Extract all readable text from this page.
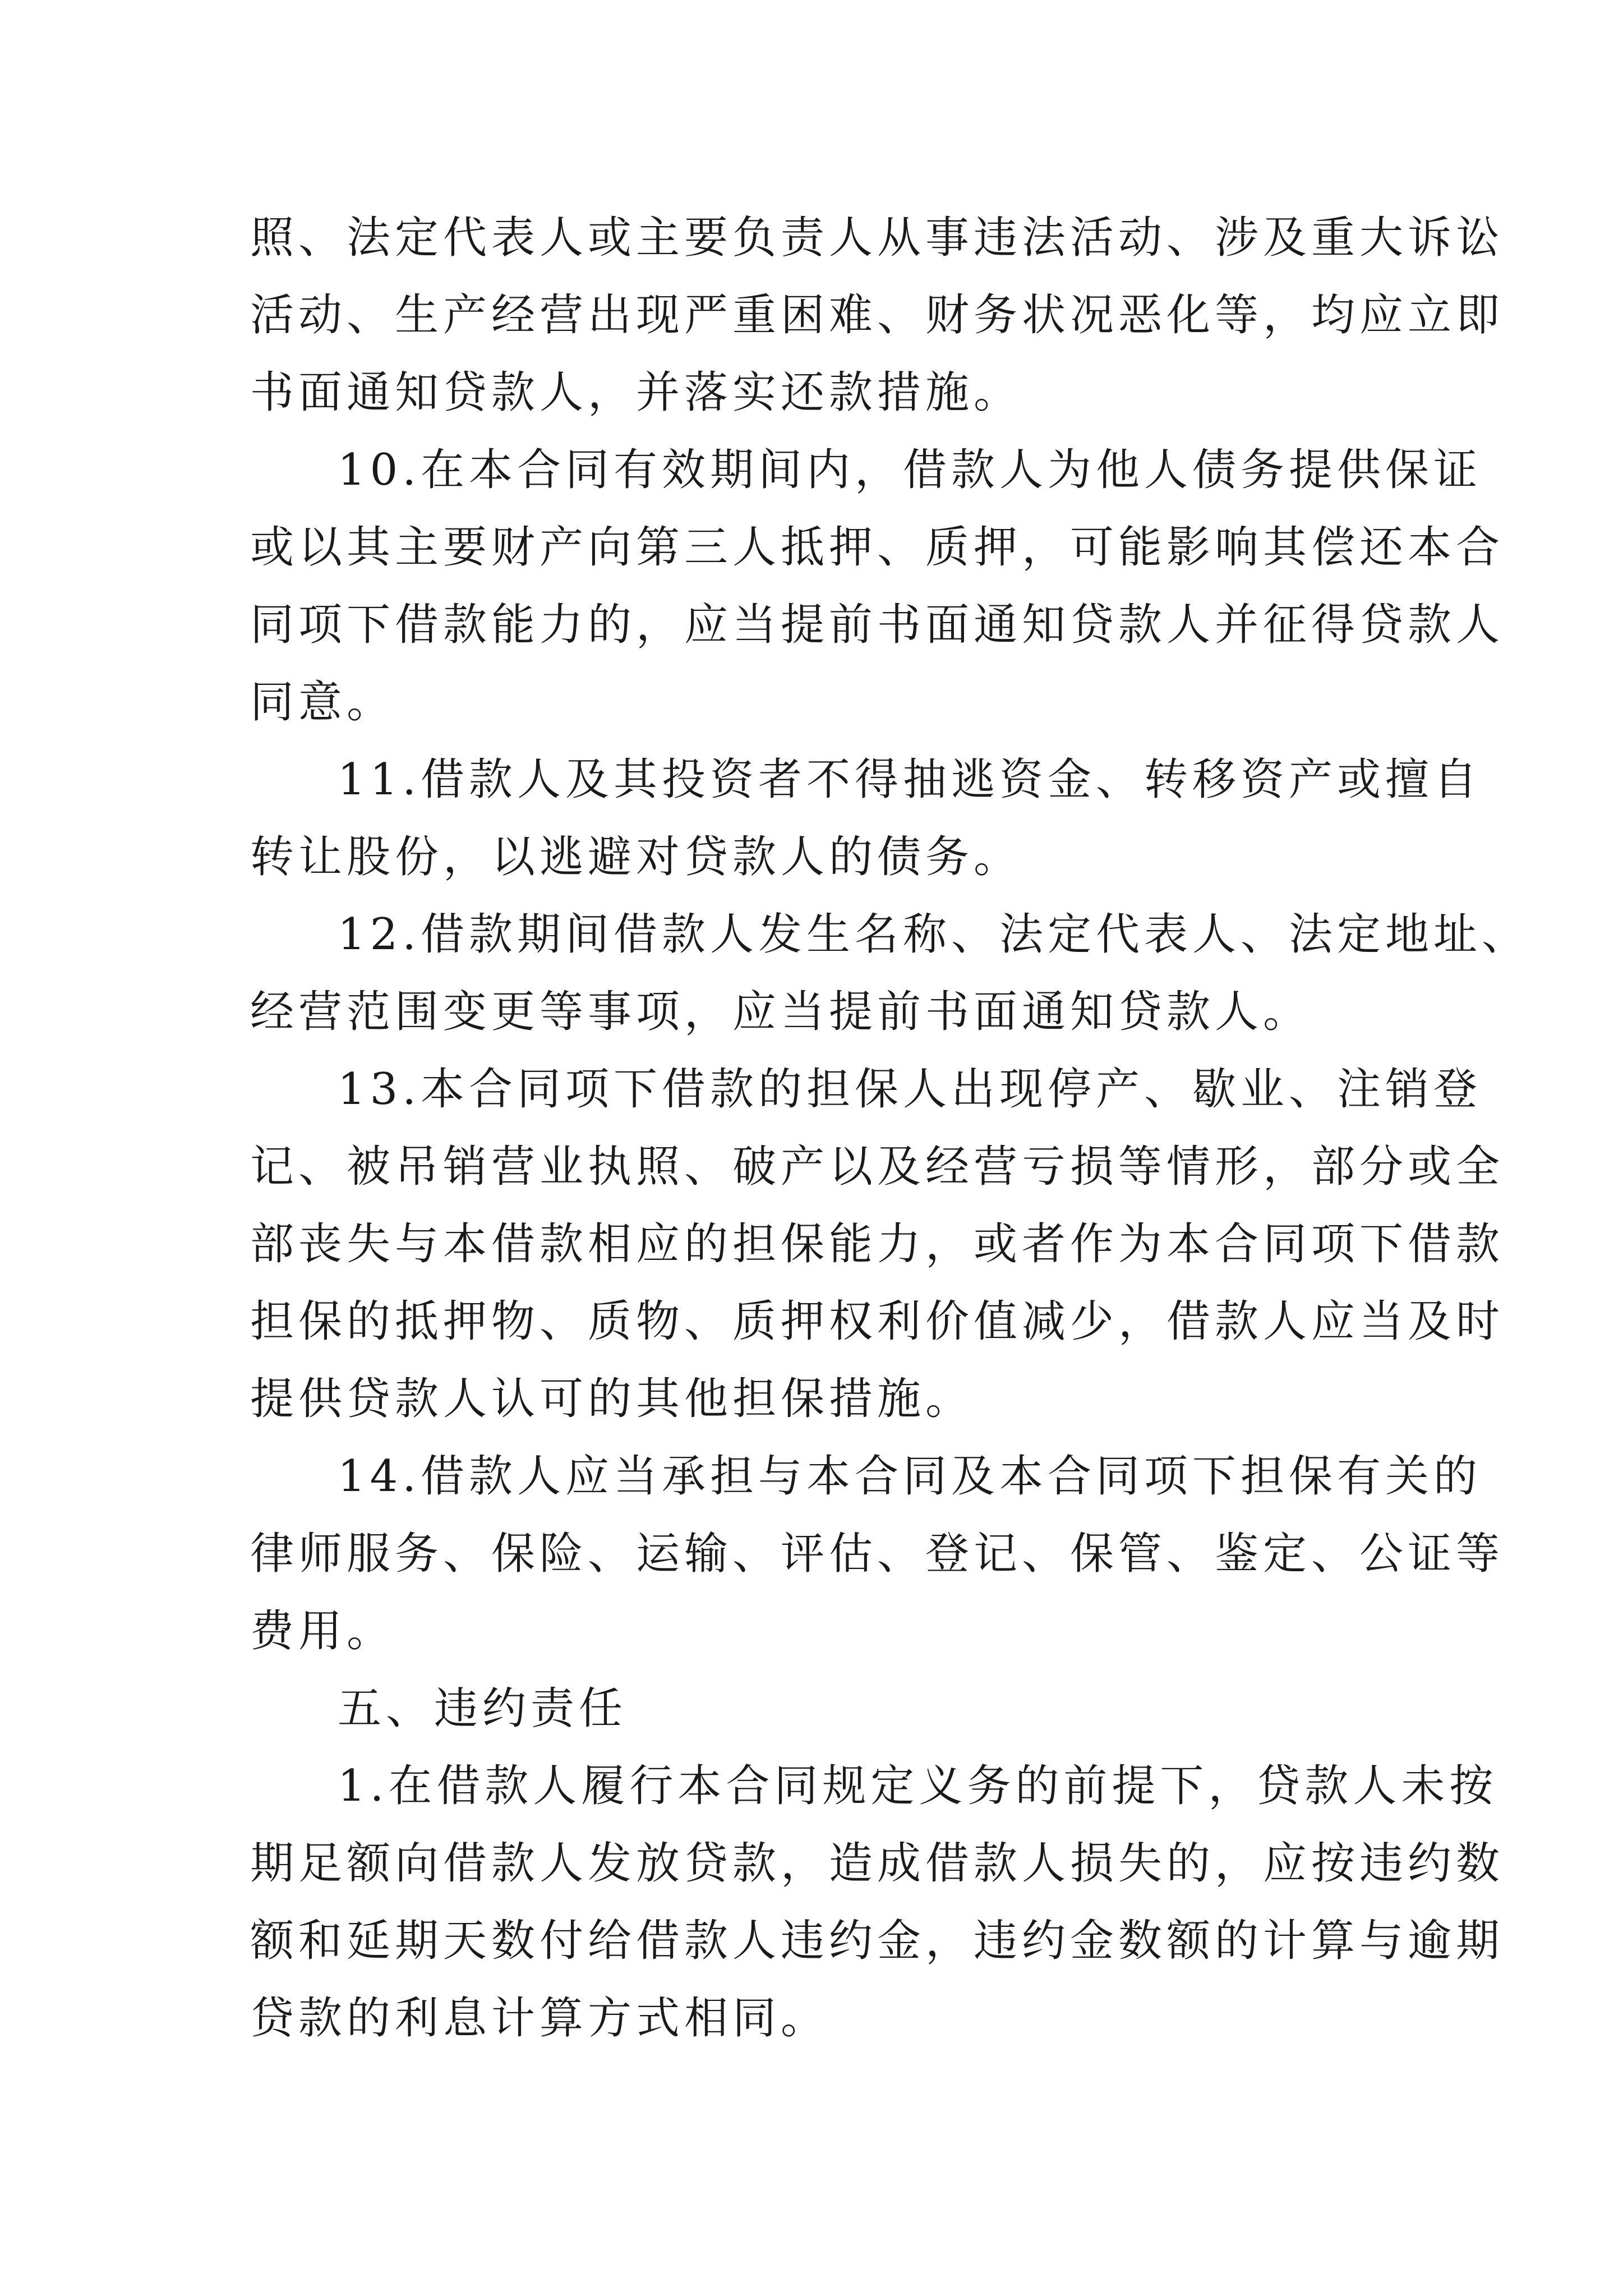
照、法定代表人或主要负责人从事违法活动、涉及重大诉讼
活动、生产经营出现严重困难、财务状况恶化等，均应立即
书面通知贷款人，并落实还款措施。
10.在本合同有效期间内，借款人为他人债务提供保证
或以其主要财产向第三人抵押、质押，可能影响其偿还本合
同项下借款能力的，应当提前书面通知贷款人并征得贷款人
同意。
11.借款人及其投资者不得抽逃资金、转移资产或擅自
转让股份，以逃避对贷款人的债务。
12.借款期间借款人发生名称、法定代表人、法定地址、
经营范围变更等事项，应当提前书面通知贷款人。
13.本合同项下借款的担保人出现停产、歇业、注销登
记、被吊销营业执照、破产以及经营亏损等情形，部分或全
部丧失与本借款相应的担保能力，或者作为本合同项下借款
担保的抵押物、质物、质押权利价值减少，借款人应当及时
提供贷款人认可的其他担保措施。
14.借款人应当承担与本合同及本合同项下担保有关的
律师服务、保险、运输、评估、登记、保管、鉴定、公证等
费用。
五、违约责任
1.在借款人履行本合同规定义务的前提下，贷款人未按
期足额向借款人发放贷款，造成借款人损失的，应按违约数
额和延期天数付给借款人违约金，违约金数额的计算与逾期
贷款的利息计算方式相同。
